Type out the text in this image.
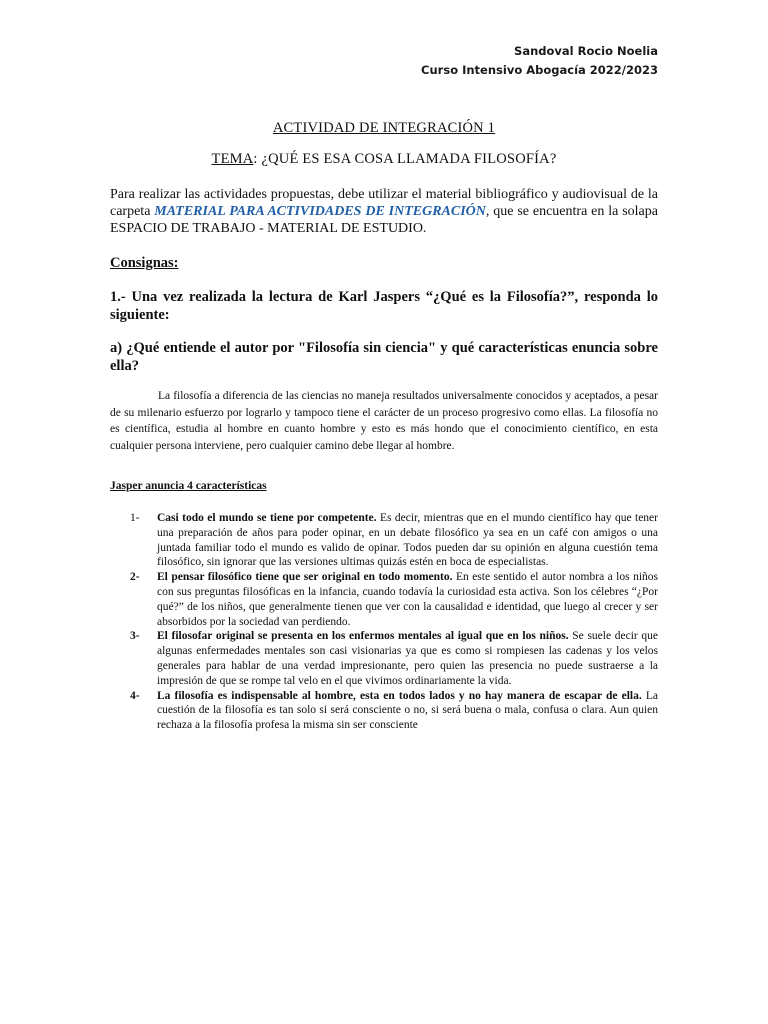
Sandoval Rocio Noelia
Curso Intensivo Abogacía 2022/2023
ACTIVIDAD DE INTEGRACIÓN 1
TEMA: ¿QUÉ ES ESA COSA LLAMADA FILOSOFÍA?
Para realizar las actividades propuestas, debe utilizar el material bibliográfico y audiovisual de la carpeta MATERIAL PARA ACTIVIDADES DE INTEGRACIÓN, que se encuentra en la solapa ESPACIO DE TRABAJO - MATERIAL DE ESTUDIO.
Consignas:
1.- Una vez realizada la lectura de Karl Jaspers “¿Qué es la Filosofía?”, responda lo siguiente:
a) ¿Qué entiende el autor por "Filosofía sin ciencia" y qué características enuncia sobre ella?
La filosofía a diferencia de las ciencias no maneja resultados universalmente conocidos y aceptados, a pesar de su milenario esfuerzo por lograrlo y tampoco tiene el carácter de un proceso progresivo como ellas. La filosofía no es científica, estudia al hombre en cuanto hombre y esto es más hondo que el conocimiento científico, en esta cualquier persona interviene, pero cualquier camino debe llegar al hombre.
Jasper anuncia 4 características
1- Casi todo el mundo se tiene por competente. Es decir, mientras que en el mundo científico hay que tener una preparación de años para poder opinar, en un debate filosófico ya sea en un café con amigos o una juntada familiar todo el mundo es valido de opinar. Todos pueden dar su opinión en alguna cuestión tema filosófico, sin ignorar que las versiones ultimas quizás estén en boca de especialistas.
2- El pensar filosófico tiene que ser original en todo momento. En este sentido el autor nombra a los niños con sus preguntas filosóficas en la infancia, cuando todavía la curiosidad esta activa. Son los célebres “¿Por qué?” de los niños, que generalmente tienen que ver con la causalidad e identidad, que luego al crecer y ser absorbidos por la sociedad van perdiendo.
3- El filosofar original se presenta en los enfermos mentales al igual que en los niños. Se suele decir que algunas enfermedades mentales son casi visionarias ya que es como si rompiesen las cadenas y los velos generales para hablar de una verdad impresionante, pero quien las presencia no puede sustraerse a la impresión de que se rompe tal velo en el que vivimos ordinariamente la vida.
4- La filosofía es indispensable al hombre, esta en todos lados y no hay manera de escapar de ella. La cuestión de la filosofía es tan solo si será consciente o no, si será buena o mala, confusa o clara. Aun quien rechaza a la filosofía profesa la misma sin ser consciente
